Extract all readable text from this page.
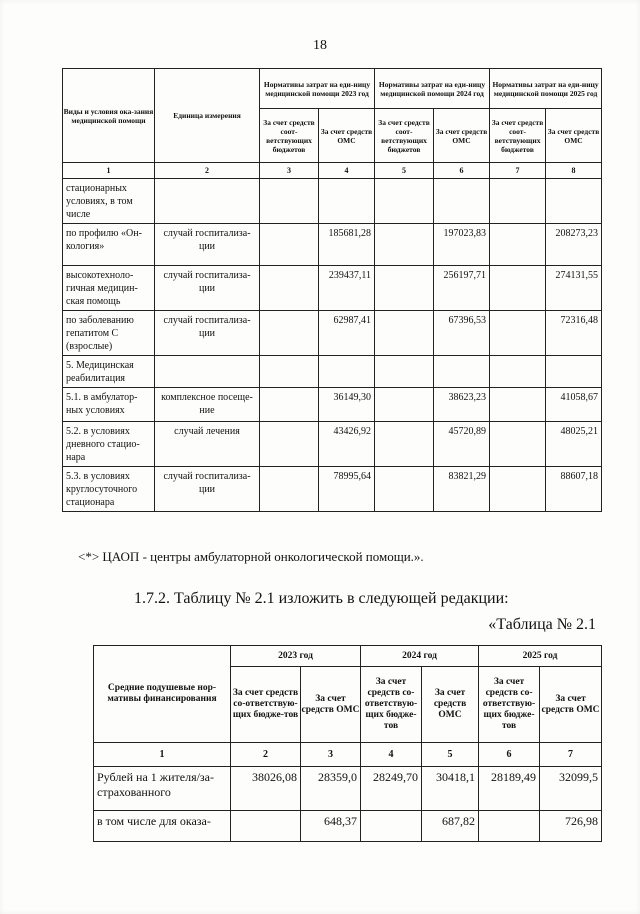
18
Виды и условия ока-зания медицинской помощи	Единица измерения	Нормативы затрат на еди-ницу медицинской помощи 2023 год		Нормативы затрат на еди-ницу медицинской помощи 2024 год		Нормативы затрат на еди-ницу медицинской помощи 2025 год	
		За счет средств соот-ветствующих бюджетов	За счет средств ОМС	За счет средств соот-ветствующих бюджетов	За счет средств ОМС	За счет средств соот-ветствующих бюджетов	За счет средств ОМС
1	2	3	4	5	6	7	8
стационарных условиях, в том числе							
по профилю «Он-кология»	случай госпитализа-ции		185681,28		197023,83		208273,23
высокотехноло-гичная медицин-ская помощь	случай госпитализа-ции		239437,11		256197,71		274131,55
по заболеванию гепатитом С (взрослые)	случай госпитализа-ции		62987,41		67396,53		72316,48
5. Медицинская реабилитация							
5.1. в амбулатор-ных условиях	комплексное посеще-ние		36149,30		38623,23		41058,67
5.2. в условиях дневного стацио-нара	случай лечения		43426,92		45720,89		48025,21
5.3. в условиях круглосуточного стационара	случай госпитализа-ции		78995,64		83821,29		88607,18
<*> ЦАОП - центры амбулаторной онкологической помощи.».
1.7.2. Таблицу № 2.1 изложить в следующей редакции:
«Таблица № 2.1
Средние подушевые нор-мативы финансирования	2023 год		2024 год		2025 год	
	За счет средств со-ответствую-щих бюдже-тов	За счет средств ОМС	За счет средств со-ответствую-щих бюдже-тов	За счет средств ОМС	За счет средств со-ответствую-щих бюдже-тов	За счет средств ОМС
1	2	3	4	5	6	7
Рублей на 1 жителя/за-страхованного	38026,08	28359,0	28249,70	30418,1	28189,49	32099,5
в том числе для оказа-		648,37		687,82		726,98
